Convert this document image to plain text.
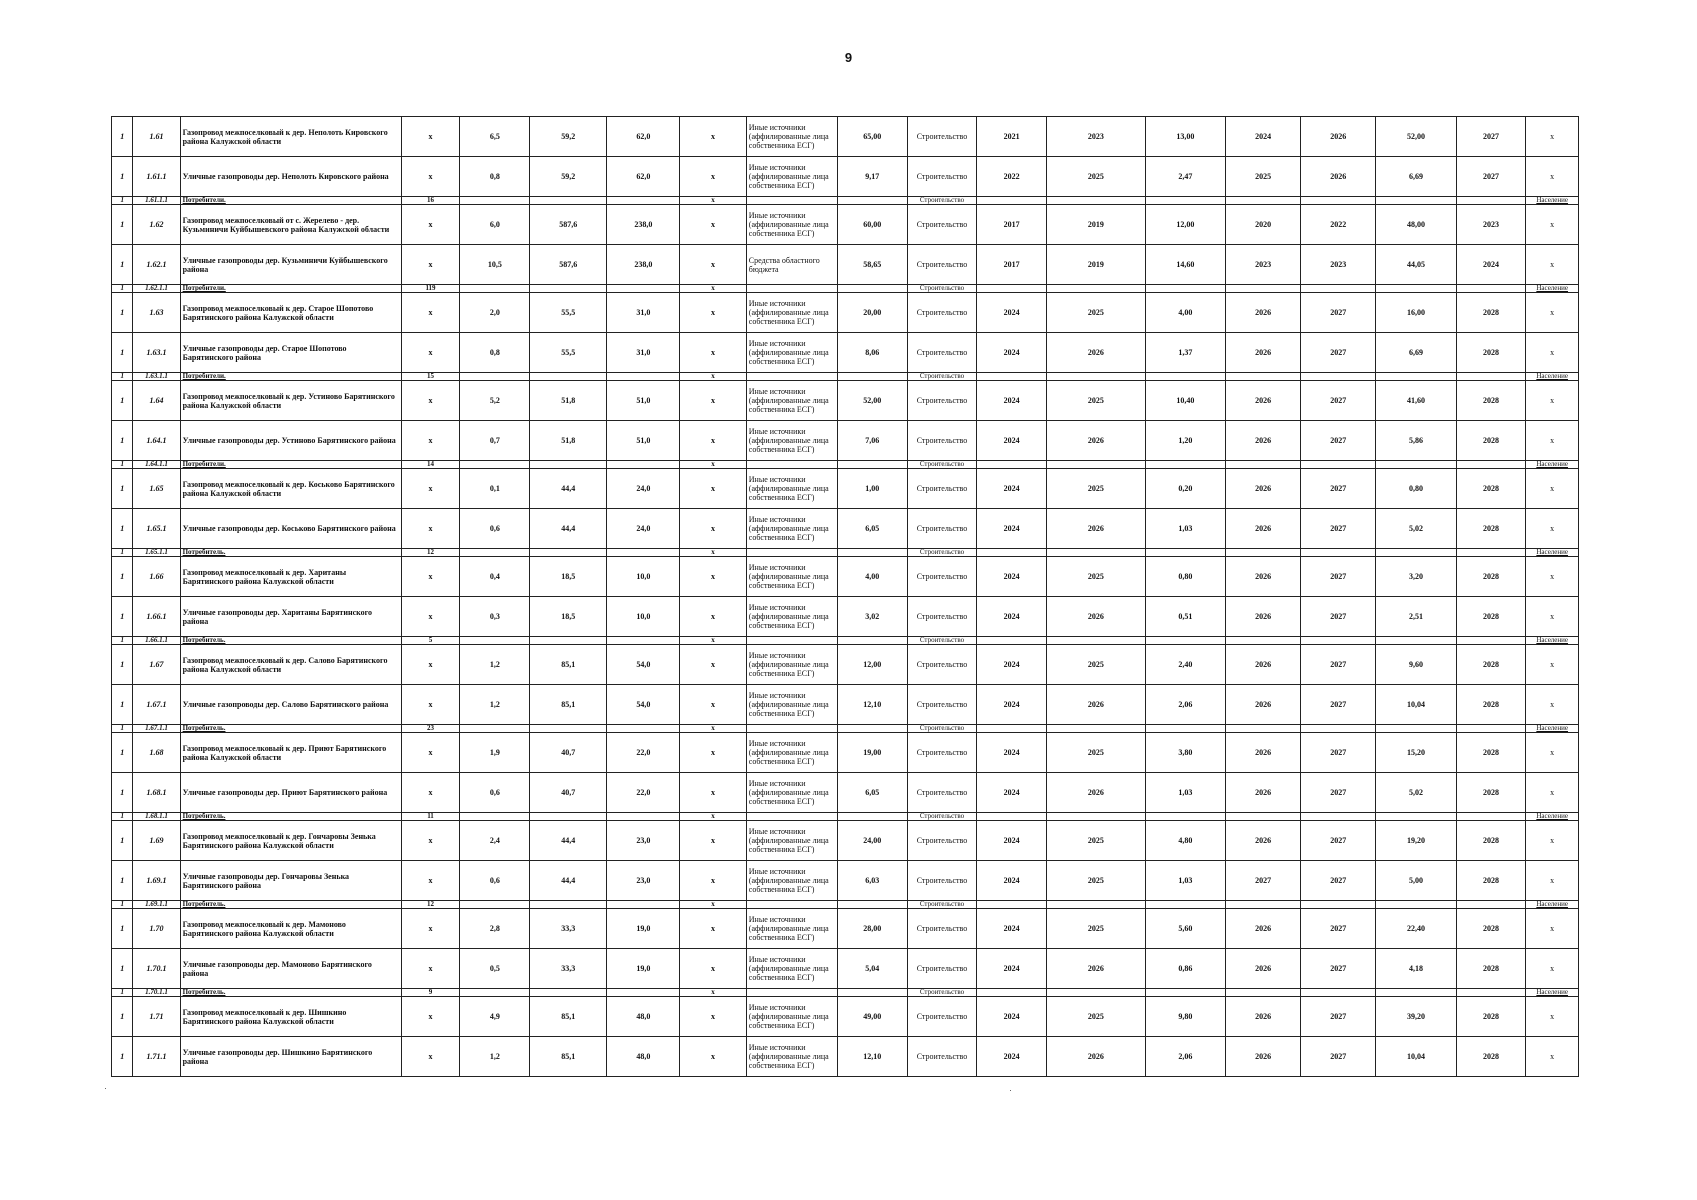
9
1	1.61	Газопровод межпоселковый к дер. Неполоть Кировского района Калужской области	x	6,5	59,2	62,0	x	Иные источники (аффилированные лица собственника ЕСГ)	65,00	Строительство	2021	2023	13,00	2024	2026	52,00	2027	x
1	1.61.1	Уличные газопроводы дер. Неполоть Кировского района	x	0,8	59,2	62,0	x	Иные источники (аффилированные лица собственника ЕСГ)	9,17	Строительство	2022	2025	2,47	2025	2026	6,69	2027	x
1	1.61.1.1	Потребители.	16				x			Строительство								Население
1	1.62	Газопровод межпоселковый от с. Жерелево - дер. Кузьминичи Куйбышевского района Калужской области	x	6,0	587,6	238,0	x	Иные источники (аффилированные лица собственника ЕСГ)	60,00	Строительство	2017	2019	12,00	2020	2022	48,00	2023	x
1	1.62.1	Уличные газопроводы дер. Кузьминичи Куйбышевского района	x	10,5	587,6	238,0	x	Средства областного бюджета	58,65	Строительство	2017	2019	14,60	2023	2023	44,05	2024	x
1	1.62.1.1	Потребители.	119				x			Строительство								Население
1	1.63	Газопровод межпоселковый к дер. Старое Шопотово Барятинского района Калужской области	x	2,0	55,5	31,0	x	Иные источники (аффилированные лица собственника ЕСГ)	20,00	Строительство	2024	2025	4,00	2026	2027	16,00	2028	x
1	1.63.1	Уличные газопроводы дер. Старое Шопотово Барятинского района	x	0,8	55,5	31,0	x	Иные источники (аффилированные лица собственника ЕСГ)	8,06	Строительство	2024	2026	1,37	2026	2027	6,69	2028	x
1	1.63.1.1	Потребители.	15				x			Строительство								Население
1	1.64	Газопровод межпоселковый к дер. Устиново Барятинского района Калужской области	x	5,2	51,8	51,0	x	Иные источники (аффилированные лица собственника ЕСГ)	52,00	Строительство	2024	2025	10,40	2026	2027	41,60	2028	x
1	1.64.1	Уличные газопроводы дер. Устиново Барятинского района	x	0,7	51,8	51,0	x	Иные источники (аффилированные лица собственника ЕСГ)	7,06	Строительство	2024	2026	1,20	2026	2027	5,86	2028	x
1	1.64.1.1	Потребители.	14				x			Строительство								Население
1	1.65	Газопровод межпоселковый к дер. Коськово Барятинского района Калужской области	x	0,1	44,4	24,0	x	Иные источники (аффилированные лица собственника ЕСГ)	1,00	Строительство	2024	2025	0,20	2026	2027	0,80	2028	x
1	1.65.1	Уличные газопроводы дер. Коськово Барятинского района	x	0,6	44,4	24,0	x	Иные источники (аффилированные лица собственника ЕСГ)	6,05	Строительство	2024	2026	1,03	2026	2027	5,02	2028	x
1	1.65.1.1	Потребитель.	12				x			Строительство								Население
1	1.66	Газопровод межпоселковый к дер. Хаританы Барятинского района Калужской области	x	0,4	18,5	10,0	x	Иные источники (аффилированные лица собственника ЕСГ)	4,00	Строительство	2024	2025	0,80	2026	2027	3,20	2028	x
1	1.66.1	Уличные газопроводы дер. Хаританы Барятинского района	x	0,3	18,5	10,0	x	Иные источники (аффилированные лица собственника ЕСГ)	3,02	Строительство	2024	2026	0,51	2026	2027	2,51	2028	x
1	1.66.1.1	Потребитель.	5				x			Строительство								Население
1	1.67	Газопровод межпоселковый к дер. Салово Барятинского района Калужской области	x	1,2	85,1	54,0	x	Иные источники (аффилированные лица собственника ЕСГ)	12,00	Строительство	2024	2025	2,40	2026	2027	9,60	2028	x
1	1.67.1	Уличные газопроводы дер. Салово Барятинского района	x	1,2	85,1	54,0	x	Иные источники (аффилированные лица собственника ЕСГ)	12,10	Строительство	2024	2026	2,06	2026	2027	10,04	2028	x
1	1.67.1.1	Потребитель.	23				x			Строительство								Население
1	1.68	Газопровод межпоселковый к дер. Приют Барятинского района Калужской области	x	1,9	40,7	22,0	x	Иные источники (аффилированные лица собственника ЕСГ)	19,00	Строительство	2024	2025	3,80	2026	2027	15,20	2028	x
1	1.68.1	Уличные газопроводы дер. Приют Барятинского района	x	0,6	40,7	22,0	x	Иные источники (аффилированные лица собственника ЕСГ)	6,05	Строительство	2024	2026	1,03	2026	2027	5,02	2028	x
1	1.68.1.1	Потребитель.	11				x			Строительство								Население
1	1.69	Газопровод межпоселковый к дер. Гончаровы Зенька Барятинского района Калужской области	x	2,4	44,4	23,0	x	Иные источники (аффилированные лица собственника ЕСГ)	24,00	Строительство	2024	2025	4,80	2026	2027	19,20	2028	x
1	1.69.1	Уличные газопроводы дер. Гончаровы Зенька Барятинского района	x	0,6	44,4	23,0	x	Иные источники (аффилированные лица собственника ЕСГ)	6,03	Строительство	2024	2025	1,03	2027	2027	5,00	2028	x
1	1.69.1.1	Потребитель.	12				x			Строительство								Население
1	1.70	Газопровод межпоселковый к дер. Мамоново Барятинского района Калужской области	x	2,8	33,3	19,0	x	Иные источники (аффилированные лица собственника ЕСГ)	28,00	Строительство	2024	2025	5,60	2026	2027	22,40	2028	x
1	1.70.1	Уличные газопроводы дер. Мамоново Барятинского района	x	0,5	33,3	19,0	x	Иные источники (аффилированные лица собственника ЕСГ)	5,04	Строительство	2024	2026	0,86	2026	2027	4,18	2028	x
1	1.70.1.1	Потребитель.	9				x			Строительство								Население
1	1.71	Газопровод межпоселковый к дер. Шишкино Барятинского района Калужской области	x	4,9	85,1	48,0	x	Иные источники (аффилированные лица собственника ЕСГ)	49,00	Строительство	2024	2025	9,80	2026	2027	39,20	2028	x
1	1.71.1	Уличные газопроводы дер. Шишкино Барятинского района	x	1,2	85,1	48,0	x	Иные источники (аффилированные лица собственника ЕСГ)	12,10	Строительство	2024	2026	2,06	2026	2027	10,04	2028	x
